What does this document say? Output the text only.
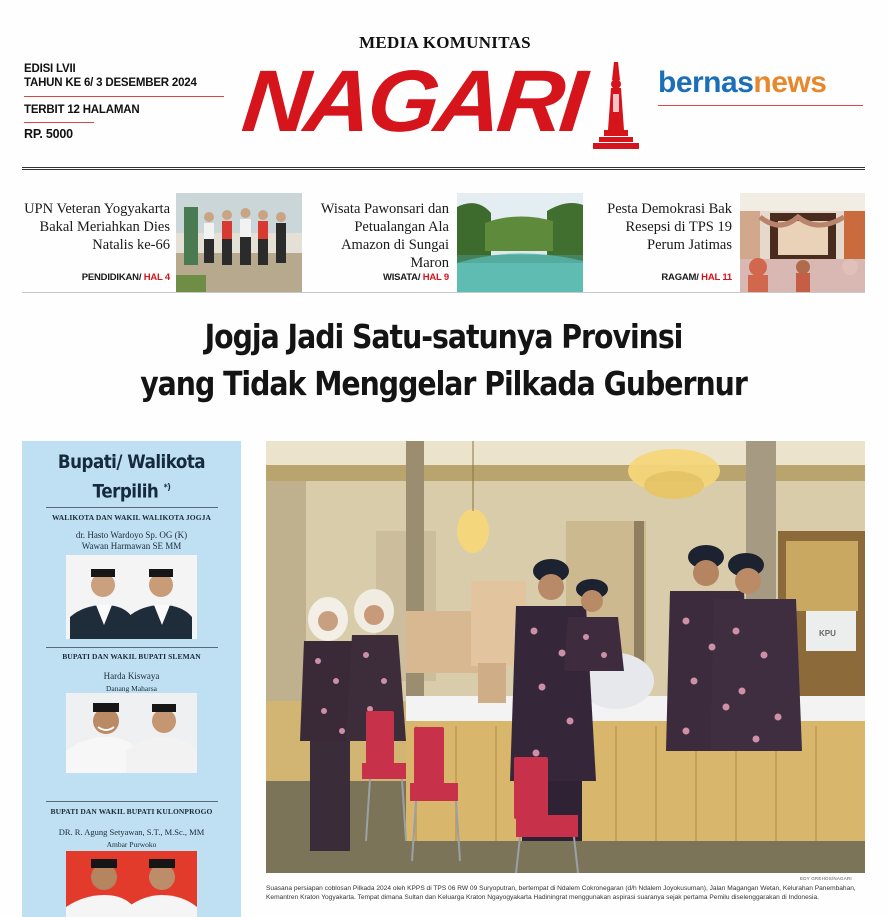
MEDIA KOMUNITAS
EDISI LVII
TAHUN KE 6/ 3 DESEMBER 2024
TERBIT 12 HALAMAN
RP. 5000	NAGARI bernasnews
UPN Veteran Yogyakarta Bakal Meriahkan Dies Natalis ke-66
PENDIDIKAN/ HAL 4
Wisata Pawonsari dan Petualangan Ala Amazon di Sungai Maron
WISATA/ HAL 9
Pesta Demokrasi Bak Resepsi di TPS 19 Perum Jatimas
RAGAM/ HAL 11
Jogja Jadi Satu-satunya Provinsi
yang Tidak Menggelar Pilkada Gubernur
Bupati/ Walikota
Terpilih *)
WALIKOTA DAN WAKIL WALIKOTA JOGJA
dr. Hasto Wardoyo Sp. OG (K)
Wawan Harmawan SE MM
BUPATI DAN WAKIL BUPATI SLEMAN
Harda Kiswaya
Danang Maharsa
BUPATI DAN WAKIL BUPATI KULONPROGO
DR. R. Agung Setyawan, S.T., M.Sc., MM
Ambar Purwoko
KPU
EDY GREHOS/NAGARI
Suasana persiapan coblosan Pilkada 2024 oleh KPPS di TPS 06 RW 09 Suryoputran, bertempat di Ndalem Cokronegaran (d/h Ndalem Joyokusuman), Jalan Magangan Wetan, Kelurahan Panembahan, Kemantren Kraton Yogyakarta. Tempat dimana Sultan dan Keluarga Kraton Ngayogyakarta Hadiningrat menggunakan aspirasi suaranya sejak pertama Pemilu diselenggarakan di Indonesia.
